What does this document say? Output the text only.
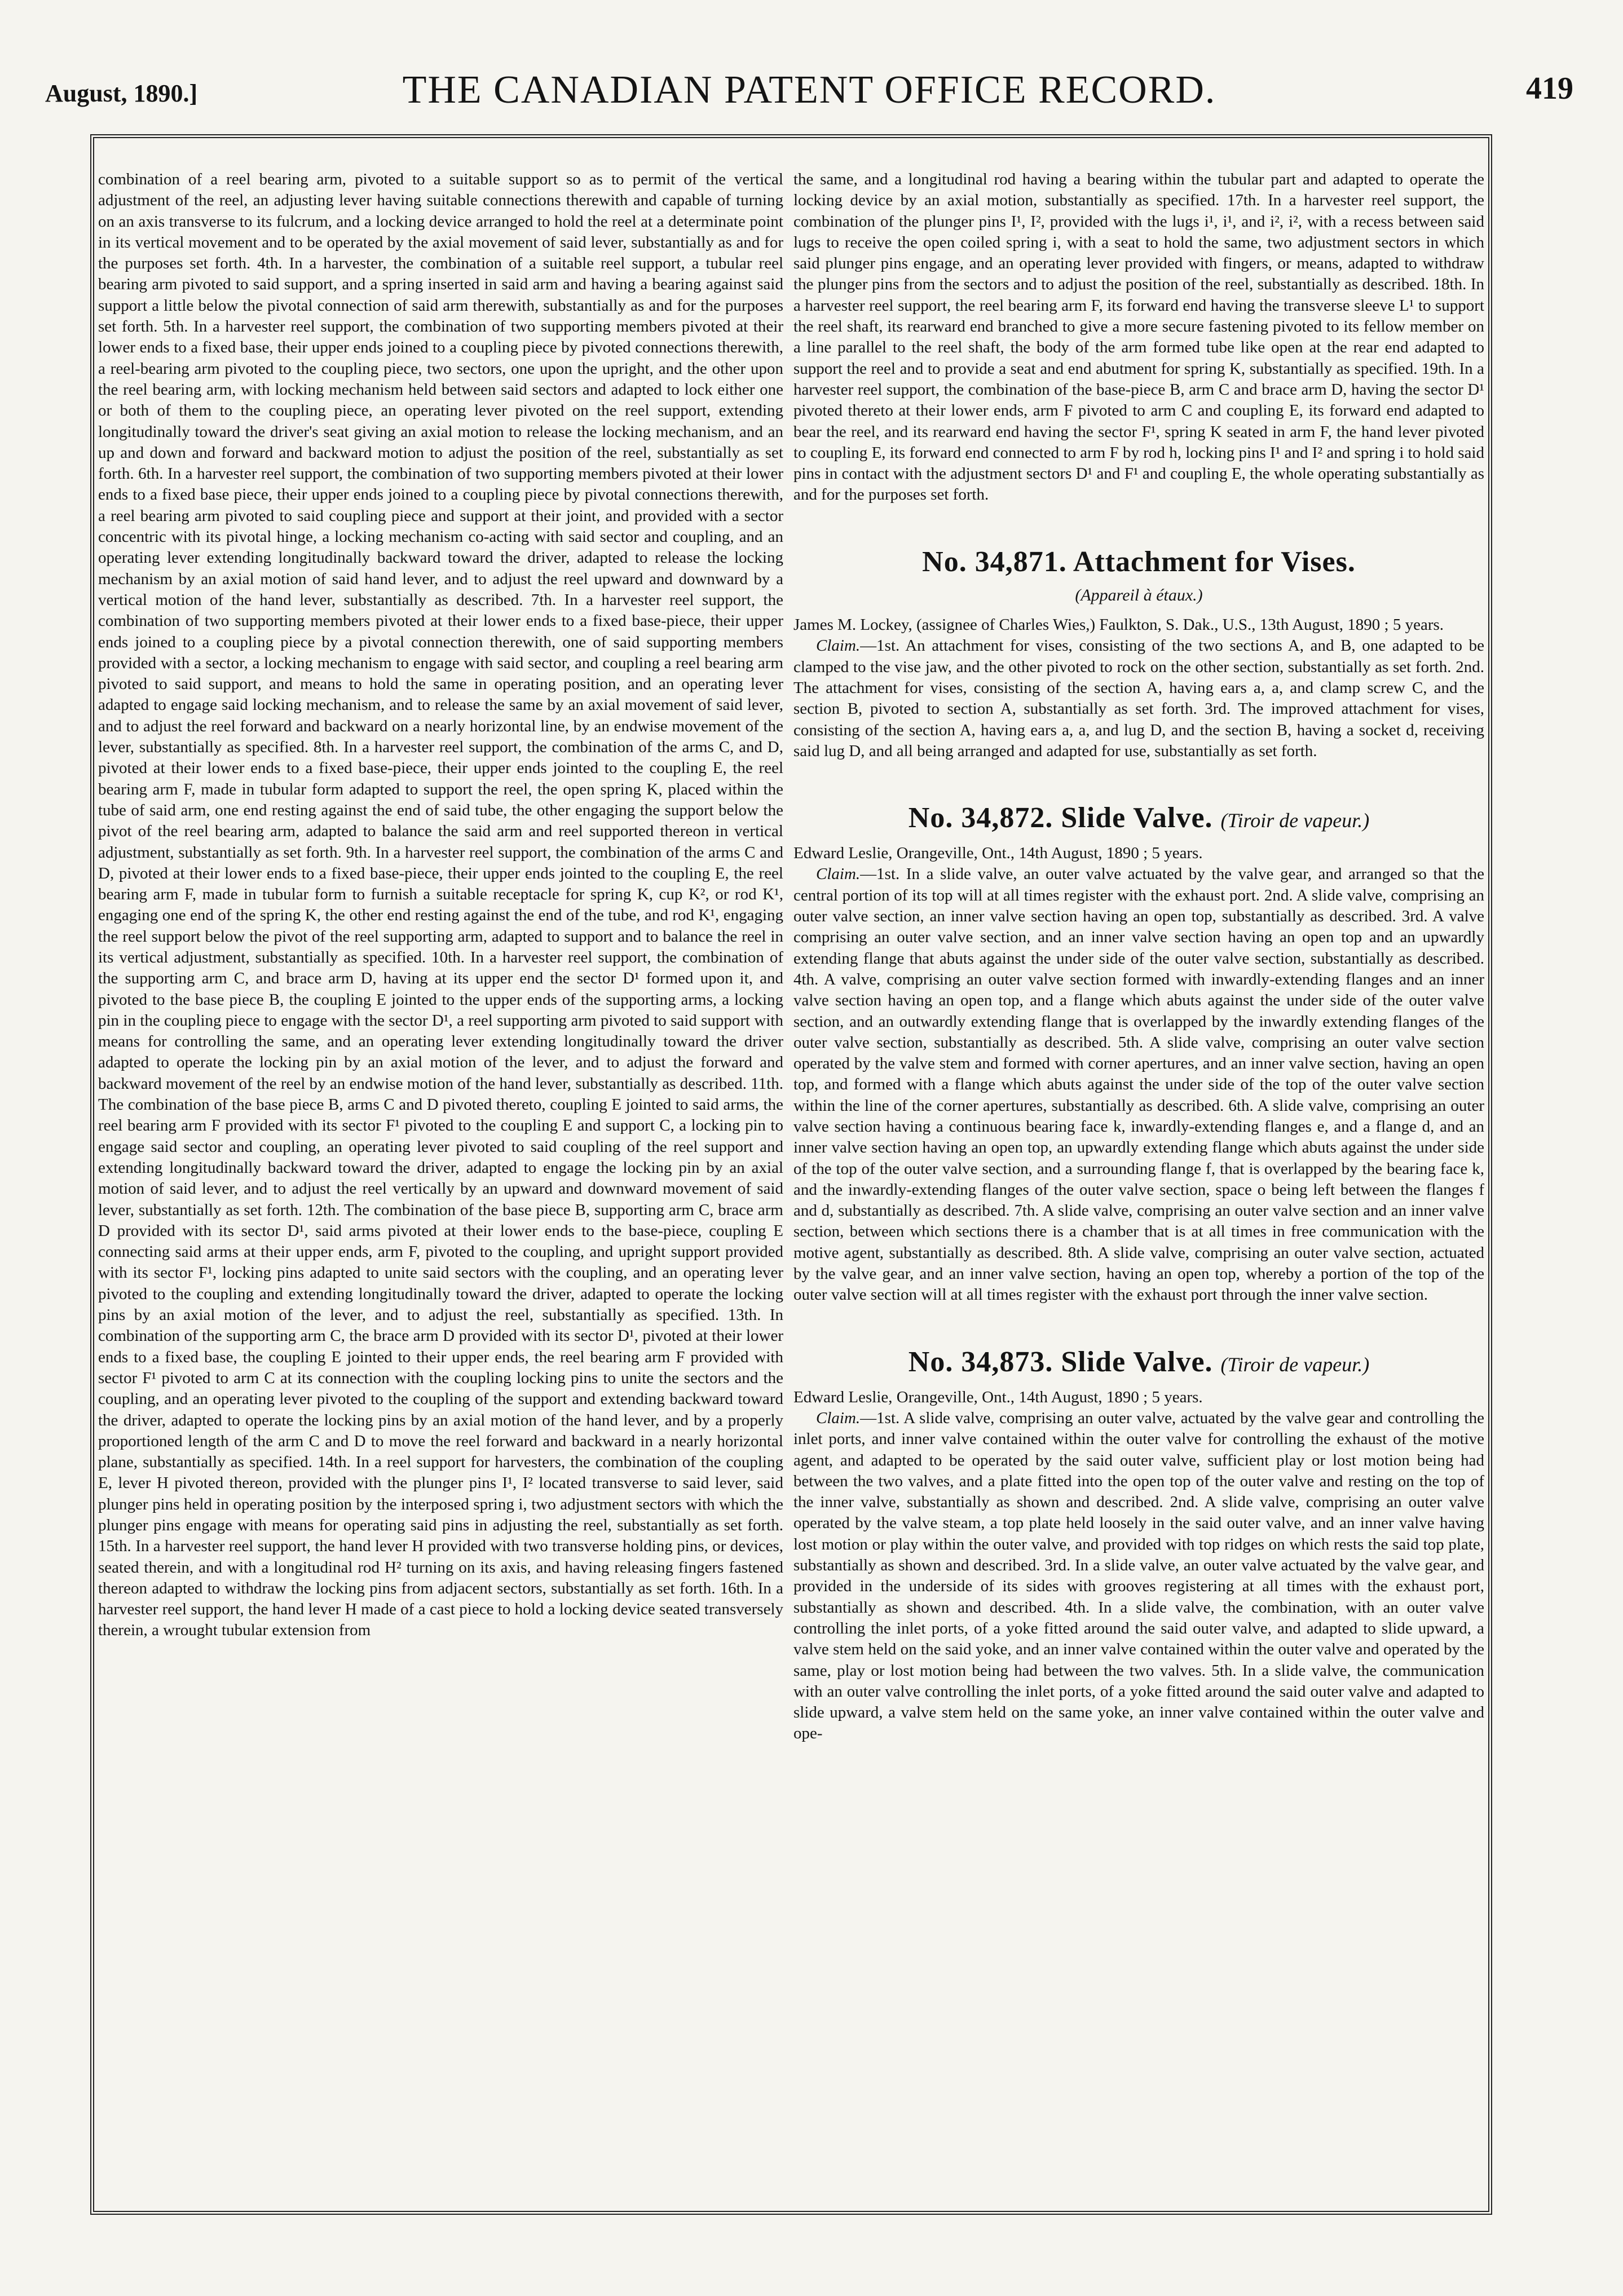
August, 1890.]	THE CANADIAN PATENT OFFICE RECORD.	419

combination of a reel bearing arm, pivoted to a suitable support so as to permit of the vertical adjustment of the reel, an adjusting lever having suitable connections therewith and capable of turning on an axis transverse to its fulcrum, and a locking device arranged to hold the reel at a determinate point in its vertical movement and to be operated by the axial movement of said lever, substantially as and for the purposes set forth. 4th. In a harvester, the combination of a suitable reel support, a tubular reel bearing arm pivoted to said support, and a spring inserted in said arm and having a bearing against said support a little below the pivotal connection of said arm therewith, substantially as and for the purposes set forth. 5th. In a harvester reel support, the combination of two supporting members pivoted at their lower ends to a fixed base, their upper ends joined to a coupling piece by pivoted connections therewith, a reel-bearing arm pivoted to the coupling piece, two sectors, one upon the upright, and the other upon the reel bearing arm, with locking mechanism held between said sectors and adapted to lock either one or both of them to the coupling piece, an operating lever pivoted on the reel support, extending longitudinally toward the driver's seat giving an axial motion to release the locking mechanism, and an up and down and forward and backward motion to adjust the position of the reel, substantially as set forth. 6th. In a harvester reel support, the combination of two supporting members pivoted at their lower ends to a fixed base piece, their upper ends joined to a coupling piece by pivotal connections therewith, a reel bearing arm pivoted to said coupling piece and support at their joint, and provided with a sector concentric with its pivotal hinge, a locking mechanism co-acting with said sector and coupling, and an operating lever extending longitudinally backward toward the driver, adapted to release the locking mechanism by an axial motion of said hand lever, and to adjust the reel upward and downward by a vertical motion of the hand lever, substantially as described. 7th. In a harvester reel support, the combination of two supporting members pivoted at their lower ends to a fixed base-piece, their upper ends joined to a coupling piece by a pivotal connection therewith, one of said supporting members provided with a sector, a locking mechanism to engage with said sector, and coupling a reel bearing arm pivoted to said support, and means to hold the same in operating position, and an operating lever adapted to engage said locking mechanism, and to release the same by an axial movement of said lever, and to adjust the reel forward and backward on a nearly horizontal line, by an endwise movement of the lever, substantially as specified. 8th. In a harvester reel support, the combination of the arms C, and D, pivoted at their lower ends to a fixed base-piece, their upper ends jointed to the coupling E, the reel bearing arm F, made in tubular form adapted to support the reel, the open spring K, placed within the tube of said arm, one end resting against the end of said tube, the other engaging the support below the pivot of the reel bearing arm, adapted to balance the said arm and reel supported thereon in vertical adjustment, substantially as set forth. 9th. In a harvester reel support, the combination of the arms C and D, pivoted at their lower ends to a fixed base-piece, their upper ends jointed to the coupling E, the reel bearing arm F, made in tubular form to furnish a suitable receptacle for spring K, cup K², or rod K¹, engaging one end of the spring K, the other end resting against the end of the tube, and rod K¹, engaging the reel support below the pivot of the reel supporting arm, adapted to support and to balance the reel in its vertical adjustment, substantially as specified. 10th. In a harvester reel support, the combination of the supporting arm C, and brace arm D, having at its upper end the sector D¹ formed upon it, and pivoted to the base piece B, the coupling E jointed to the upper ends of the supporting arms, a locking pin in the coupling piece to engage with the sector D¹, a reel supporting arm pivoted to said support with means for controlling the same, and an operating lever extending longitudinally toward the driver adapted to operate the locking pin by an axial motion of the lever, and to adjust the forward and backward movement of the reel by an endwise motion of the hand lever, substantially as described. 11th. The combination of the base piece B, arms C and D pivoted thereto, coupling E jointed to said arms, the reel bearing arm F provided with its sector F¹ pivoted to the coupling E and support C, a locking pin to engage said sector and coupling, an operating lever pivoted to said coupling of the reel support and extending longitudinally backward toward the driver, adapted to engage the locking pin by an axial motion of said lever, and to adjust the reel vertically by an upward and downward movement of said lever, substantially as set forth. 12th. The combination of the base piece B, supporting arm C, brace arm D provided with its sector D¹, said arms pivoted at their lower ends to the base-piece, coupling E connecting said arms at their upper ends, arm F, pivoted to the coupling, and upright support provided with its sector F¹, locking pins adapted to unite said sectors with the coupling, and an operating lever pivoted to the coupling and extending longitudinally toward the driver, adapted to operate the locking pins by an axial motion of the lever, and to adjust the reel, substantially as specified. 13th. In combination of the supporting arm C, the brace arm D provided with its sector D¹, pivoted at their lower ends to a fixed base, the coupling E jointed to their upper ends, the reel bearing arm F provided with sector F¹ pivoted to arm C at its connection with the coupling locking pins to unite the sectors and the coupling, and an operating lever pivoted to the coupling of the support and extending backward toward the driver, adapted to operate the locking pins by an axial motion of the hand lever, and by a properly proportioned length of the arm C and D to move the reel forward and backward in a nearly horizontal plane, substantially as specified. 14th. In a reel support for harvesters, the combination of the coupling E, lever H pivoted thereon, provided with the plunger pins I¹, I² located transverse to said lever, said plunger pins held in operating position by the interposed spring i, two adjustment sectors with which the plunger pins engage with means for operating said pins in adjusting the reel, substantially as set forth. 15th. In a harvester reel support, the hand lever H provided with two transverse holding pins, or devices, seated therein, and with a longitudinal rod H² turning on its axis, and having releasing fingers fastened thereon adapted to withdraw the locking pins from adjacent sectors, substantially as set forth. 16th. In a harvester reel support, the hand lever H made of a cast piece to hold a locking device seated transversely therein, a wrought tubular extension from

the same, and a longitudinal rod having a bearing within the tubular part and adapted to operate the locking device by an axial motion, substantially as specified. 17th. In a harvester reel support, the combination of the plunger pins I¹, I², provided with the lugs i¹, i¹, and i², i², with a recess between said lugs to receive the open coiled spring i, with a seat to hold the same, two adjustment sectors in which said plunger pins engage, and an operating lever provided with fingers, or means, adapted to withdraw the plunger pins from the sectors and to adjust the position of the reel, substantially as described. 18th. In a harvester reel support, the reel bearing arm F, its forward end having the transverse sleeve L¹ to support the reel shaft, its rearward end branched to give a more secure fastening pivoted to its fellow member on a line parallel to the reel shaft, the body of the arm formed tube like open at the rear end adapted to support the reel and to provide a seat and end abutment for spring K, substantially as specified. 19th. In a harvester reel support, the combination of the base-piece B, arm C and brace arm D, having the sector D¹ pivoted thereto at their lower ends, arm F pivoted to arm C and coupling E, its forward end adapted to bear the reel, and its rearward end having the sector F¹, spring K seated in arm F, the hand lever pivoted to coupling E, its forward end connected to arm F by rod h, locking pins I¹ and I² and spring i to hold said pins in contact with the adjustment sectors D¹ and F¹ and coupling E, the whole operating substantially as and for the purposes set forth.

No. 34,871. Attachment for Vises.
(Appareil à étaux.)

James M. Lockey, (assignee of Charles Wies,) Faulkton, S. Dak., U.S., 13th August, 1890 ; 5 years.

Claim.—1st. An attachment for vises, consisting of the two sections A, and B, one adapted to be clamped to the vise jaw, and the other pivoted to rock on the other section, substantially as set forth. 2nd. The attachment for vises, consisting of the section A, having ears a, a, and clamp screw C, and the section B, pivoted to section A, substantially as set forth. 3rd. The improved attachment for vises, consisting of the section A, having ears a, a, and lug D, and the section B, having a socket d, receiving said lug D, and all being arranged and adapted for use, substantially as set forth.

No. 34,872. Slide Valve. (Tiroir de vapeur.)

Edward Leslie, Orangeville, Ont., 14th August, 1890 ; 5 years.

Claim.—1st. In a slide valve, an outer valve actuated by the valve gear, and arranged so that the central portion of its top will at all times register with the exhaust port. 2nd. A slide valve, comprising an outer valve section, an inner valve section having an open top, substantially as described. 3rd. A valve comprising an outer valve section, and an inner valve section having an open top and an upwardly extending flange that abuts against the under side of the outer valve section, substantially as described. 4th. A valve, comprising an outer valve section formed with inwardly-extending flanges and an inner valve section having an open top, and a flange which abuts against the under side of the outer valve section, and an outwardly extending flange that is overlapped by the inwardly extending flanges of the outer valve section, substantially as described. 5th. A slide valve, comprising an outer valve section operated by the valve stem and formed with corner apertures, and an inner valve section, having an open top, and formed with a flange which abuts against the under side of the top of the outer valve section within the line of the corner apertures, substantially as described. 6th. A slide valve, comprising an outer valve section having a continuous bearing face k, inwardly-extending flanges e, and a flange d, and an inner valve section having an open top, an upwardly extending flange which abuts against the under side of the top of the outer valve section, and a surrounding flange f, that is overlapped by the bearing face k, and the inwardly-extending flanges of the outer valve section, space o being left between the flanges f and d, substantially as described. 7th. A slide valve, comprising an outer valve section and an inner valve section, between which sections there is a chamber that is at all times in free communication with the motive agent, substantially as described. 8th. A slide valve, comprising an outer valve section, actuated by the valve gear, and an inner valve section, having an open top, whereby a portion of the top of the outer valve section will at all times register with the exhaust port through the inner valve section.

No. 34,873. Slide Valve. (Tiroir de vapeur.)

Edward Leslie, Orangeville, Ont., 14th August, 1890 ; 5 years.

Claim.—1st. A slide valve, comprising an outer valve, actuated by the valve gear and controlling the inlet ports, and inner valve contained within the outer valve for controlling the exhaust of the motive agent, and adapted to be operated by the said outer valve, sufficient play or lost motion being had between the two valves, and a plate fitted into the open top of the outer valve and resting on the top of the inner valve, substantially as shown and described. 2nd. A slide valve, comprising an outer valve operated by the valve steam, a top plate held loosely in the said outer valve, and an inner valve having lost motion or play within the outer valve, and provided with top ridges on which rests the said top plate, substantially as shown and described. 3rd. In a slide valve, an outer valve actuated by the valve gear, and provided in the underside of its sides with grooves registering at all times with the exhaust port, substantially as shown and described. 4th. In a slide valve, the combination, with an outer valve controlling the inlet ports, of a yoke fitted around the said outer valve, and adapted to slide upward, a valve stem held on the said yoke, and an inner valve contained within the outer valve and operated by the same, play or lost motion being had between the two valves. 5th. In a slide valve, the communication with an outer valve controlling the inlet ports, of a yoke fitted around the said outer valve and adapted to slide upward, a valve stem held on the same yoke, an inner valve contained within the outer valve and ope-
